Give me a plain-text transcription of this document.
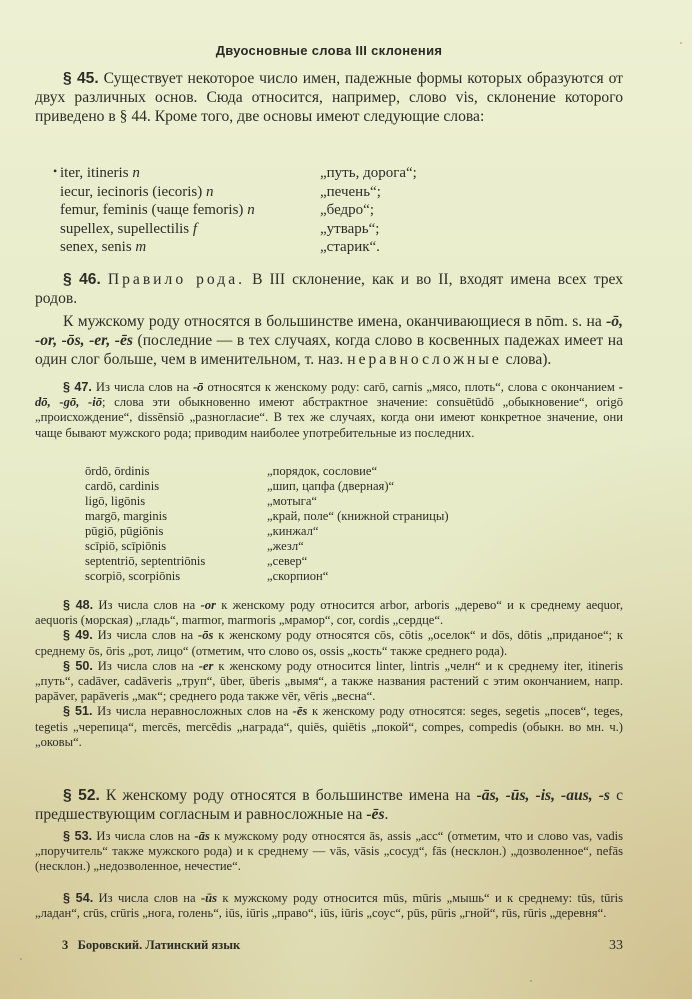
Двуосновные слова III склонения

§ 45. Существует некоторое число имен, падежные формы которых образуются от двух различных основ. Сюда относится, например, слово vis, склонение которого приведено в § 44. Кроме того, две основы имеют следующие слова:

• iter, itineris n	„путь, дорога“;
iecur, iecinoris (iecoris) n	„печень“;
femur, feminis (чаще femoris) n	„бедро“;
supellex, supellectilis f	„утварь“;
senex, senis m	„старик“.

§ 46. Правило рода. В III склонение, как и во II, входят имена всех трех родов.

К мужскому роду относятся в большинстве имена, оканчивающиеся в nōm. s. на -ō, -or, -ōs, -er, -ēs (последние — в тех случаях, когда слово в косвенных падежах имеет на один слог больше, чем в именительном, т. наз. неравносложные слова).

§ 47. Из числа слов на -ō относятся к женскому роду: carō, carnis „мясо, плоть“, слова с окончанием -dō, -gō, -iō; слова эти обыкновенно имеют абстрактное значение: consuētūdō „обыкновение“, origō „происхождение“, dissēnsiō „разногласие“. В тех же случаях, когда они имеют конкретное значение, они чаще бывают мужского рода; приводим наиболее употребительные из последних.

ōrdō, ōrdinis	„порядок, сословие“
cardō, cardinis	„шип, цапфа (дверная)“
ligō, ligōnis	„мотыга“
margō, marginis	„край, поле“ (книжной страницы)
pūgiō, pūgiōnis	„кинжал“
scīpiō, scīpiōnis	„жезл“
septentriō, septentriōnis	„север“
scorpiō, scorpiōnis	„скорпион“

§ 48. Из числа слов на -or к женскому роду относится arbor, arboris „дерево“ и к среднему aequor, aequoris (морская) „гладь“, marmor, marmoris „мрамор“, cor, cordis „сердце“.

§ 49. Из числа слов на -ōs к женскому роду относятся cōs, cōtis „оселок“ и dōs, dōtis „приданое“; к среднему ōs, ōris „рот, лицо“ (отметим, что слово os, ossis „кость“ также среднего рода).

§ 50. Из числа слов на -er к женскому роду относится linter, lintris „челн“ и к среднему iter, itineris „путь“, cadāver, cadāveris „труп“, ūber, ūberis „вымя“, а также названия растений с этим окончанием, напр. papāver, papāveris „мак“; среднего рода также vēr, vēris „весна“.

§ 51. Из числа неравносложных слов на -ēs к женскому роду относятся: seges, segetis „посев“, teges, tegetis „черепица“, mercēs, mercēdis „награда“, quiēs, quiētis „покой“, compes, compedis (обыкн. во мн. ч.) „оковы“.

§ 52. К женскому роду относятся в большинстве имена на -ās, -ūs, -is, -aus, -s с предшествующим согласным и равносложные на -ēs.

§ 53. Из числа слов на -ās к мужскому роду относятся ās, assis „асс“ (отметим, что и слово vas, vadis „поручитель“ также мужского рода) и к среднему — vās, vāsis „сосуд“, fās (несклон.) „дозволенное“, nefās (несклон.) „недозволенное, нечестие“.

§ 54. Из числа слов на -ūs к мужскому роду относится mūs, mūris „мышь“ и к среднему: tūs, tūris „ладан“, crūs, crūris „нога, голень“, iūs, iūris „право“, iūs, iūris „соус“, pūs, pūris „гной“, rūs, rūris „деревня“.

3   Боровский. Латинский язык	33
